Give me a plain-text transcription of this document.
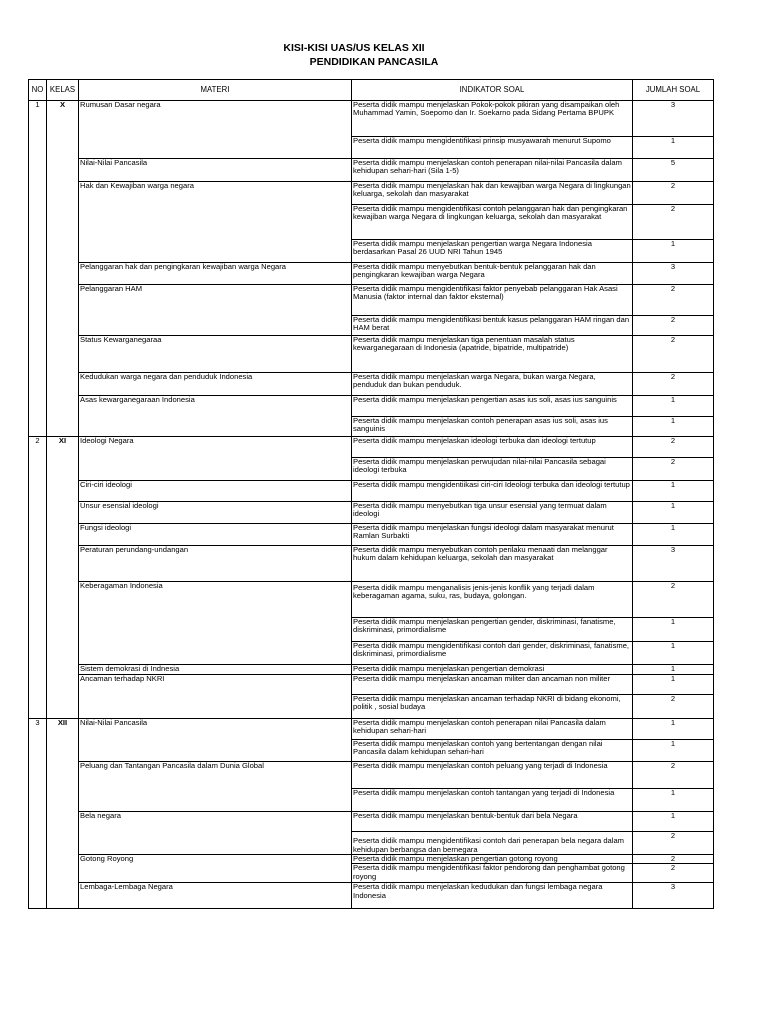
KISI-KISI UAS/US KELAS XII
PENDIDIKAN PANCASILA
NO	KELAS	MATERI	INDIKATOR SOAL	JUMLAH SOAL
1	X	Rumusan Dasar negara	Peserta didik mampu menjelaskan Pokok-pokok pikiran yang disampaikan oleh Muhammad Yamin, Soepomo dan Ir. Soekarno pada Sidang Pertama BPUPK	3
			Peserta didik mampu mengidentifikasi prinsip musyawarah menurut Supomo	1
		Nilai-Nilai Pancasila	Peserta didik mampu menjelaskan contoh penerapan nilai-nilai Pancasila dalam kehidupan sehari-hari (Sila 1-5)	5
		Hak dan Kewajiban warga negara	Peserta didik mampu menjelaskan hak dan kewajiban warga Negara di lingkungan keluarga, sekolah dan masyarakat	2
			Peserta didik mampu mengidentifikasi contoh pelanggaran hak dan pengingkaran kewajiban warga Negara di lingkungan keluarga, sekolah dan masyarakat	2
			Peserta didik mampu menjelaskan pengertian warga Negara Indonesia berdasarkan Pasal 26 UUD NRI Tahun 1945	1
		Pelanggaran hak dan pengingkaran kewajiban warga Negara	Peserta didik mampu menyebutkan bentuk-bentuk pelanggaran hak dan pengingkaran kewajiban warga Negara	3
		Pelanggaran HAM	Peserta didik mampu mengidentifikasi faktor penyebab pelanggaran Hak Asasi Manusia (faktor internal dan faktor eksternal)	2
			Peserta didik mampu mengidentifikasi bentuk kasus pelanggaran HAM ringan dan HAM berat	2
		Status Kewarganegaraa	Peserta didik mampu menjelaskan tiga penentuan masalah status kewarganegaraan di Indonesia (apatride, bipatride, multipatride)	2
		Kedudukan warga negara dan penduduk Indonesia	Peserta didik mampu menjelaskan warga Negara, bukan warga Negara, penduduk dan bukan penduduk.	2
		Asas kewarganegaraan Indonesia	Peserta didik mampu menjelaskan pengertian asas ius soli, asas ius sanguinis	1
			Peserta didik mampu menjelaskan contoh penerapan asas ius soli, asas ius sanguinis	1
2	XI	Ideologi Negara	Peserta didik mampu menjelaskan ideologi terbuka dan ideologi tertutup	2
			Peserta didik mampu menjelaskan perwujudan nilai-nilai Pancasila sebagai ideologi terbuka	2
		Ciri-ciri ideologi	Peserta didik mampu mengidentiikasi ciri-ciri Ideologi terbuka dan ideologi tertutup	1
		Unsur esensial ideologi	Peserta didik mampu menyebutkan tiga unsur esensial yang termuat dalam ideologi	1
		Fungsi ideologi	Peserta didik mampu menjelaskan fungsi ideologi dalam masyarakat menurut Ramlan Surbakti	1
		Peraturan perundang-undangan	Peserta didik mampu menyebutkan contoh perilaku menaati dan melanggar hukum dalam kehidupan keluarga, sekolah dan masyarakat	3
		Keberagaman Indonesia	Peserta didik mampu menganalisis jenis-jenis konflik yang terjadi dalam keberagaman agama, suku, ras, budaya, golongan.	2
			Peserta didik mampu menjelaskan pengertian gender, diskriminasi, fanatisme, diskriminasi, primordialisme	1
			Peserta didik mampu mengidentifikasi contoh dari gender, diskriminasi, fanatisme, diskriminasi, primordialisme	1
		Sistem demokrasi di Indnesia	Peserta didik mampu menjelaskan pengertian demokrasi	1
		Ancaman terhadap NKRI	Peserta didik mampu menjelaskan ancaman militer dan ancaman non militer	1
			Peserta didik mampu menjelaskan ancaman terhadap NKRI di bidang ekonomi, politik , sosial budaya	2
3	XII	Nilai-Nilai Pancasila	Peserta didik mampu menjelaskan contoh penerapan nilai Pancasila dalam kehidupan sehari-hari	1
			Peserta didik mampu menjelaskan contoh yang bertentangan dengan nilai Pancasila dalam kehidupan sehari-hari	1
		Peluang dan Tantangan Pancasila dalam Dunia Global	Peserta didik mampu menjelaskan contoh peluang yang terjadi di Indonesia	2
			Peserta didik mampu menjelaskan contoh tantangan yang terjadi di Indonesia	1
		Bela negara	Peserta didik mampu menjelaskan bentuk-bentuk dari bela Negara	1
			Peserta didik mampu mengidentifikasi contoh dari penerapan bela negara dalam kehidupan berbangsa dan bernegara	2
		Gotong Royong	Peserta didik mampu menjelaskan pengertian gotong royong	2
			Peserta didik mampu mengidentifikasi faktor pendorong dan penghambat gotong royong	2
		Lembaga-Lembaga Negara	Peserta didik mampu menjelaskan kedudukan dan fungsi lembaga negara Indonesia	3
